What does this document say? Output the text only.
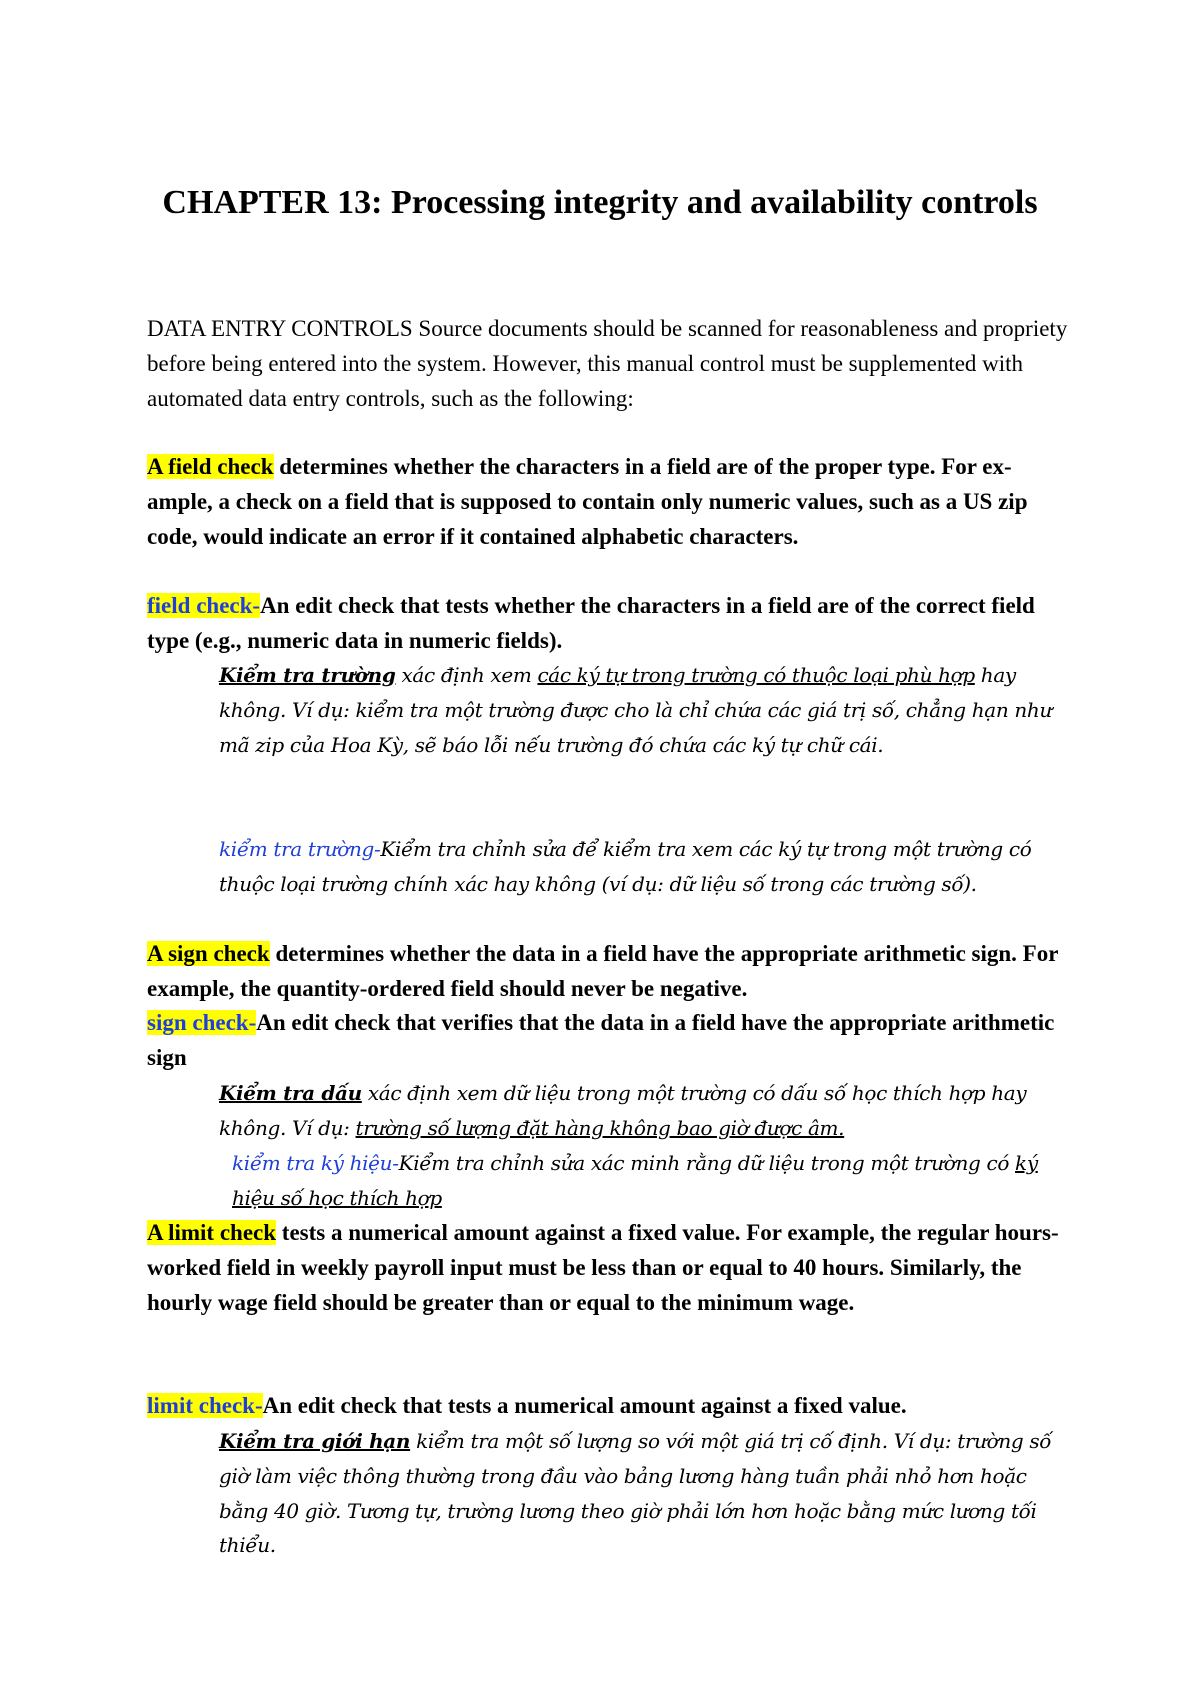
CHAPTER 13: Processing integrity and availability controls

DATA ENTRY CONTROLS Source documents should be scanned for reasonableness and propriety before being entered into the system. However, this manual control must be supplemented with automated data entry controls, such as the following:

A field check determines whether the characters in a field are of the proper type. For ex- ample, a check on a field that is supposed to contain only numeric values, such as a US zip code, would indicate an error if it contained alphabetic characters.

field check-An edit check that tests whether the characters in a field are of the correct field type (e.g., numeric data in numeric fields).

Kiểm tra trường xác định xem các ký tự trong trường có thuộc loại phù hợp hay không. Ví dụ: kiểm tra một trường được cho là chỉ chứa các giá trị số, chẳng hạn như mã zip của Hoa Kỳ, sẽ báo lỗi nếu trường đó chứa các ký tự chữ cái.

kiểm tra trường-Kiểm tra chỉnh sửa để kiểm tra xem các ký tự trong một trường có thuộc loại trường chính xác hay không (ví dụ: dữ liệu số trong các trường số).

A sign check determines whether the data in a field have the appropriate arithmetic sign. For example, the quantity-ordered field should never be negative.

sign check-An edit check that verifies that the data in a field have the appropriate arithmetic sign

Kiểm tra dấu xác định xem dữ liệu trong một trường có dấu số học thích hợp hay không. Ví dụ: trường số lượng đặt hàng không bao giờ được âm.

kiểm tra ký hiệu-Kiểm tra chỉnh sửa xác minh rằng dữ liệu trong một trường có ký hiệu số học thích hợp

A limit check tests a numerical amount against a fixed value. For example, the regular hours-worked field in weekly payroll input must be less than or equal to 40 hours. Similarly, the hourly wage field should be greater than or equal to the minimum wage.

limit check-An edit check that tests a numerical amount against a fixed value.

Kiểm tra giới hạn kiểm tra một số lượng so với một giá trị cố định. Ví dụ: trường số giờ làm việc thông thường trong đầu vào bảng lương hàng tuần phải nhỏ hơn hoặc bằng 40 giờ. Tương tự, trường lương theo giờ phải lớn hơn hoặc bằng mức lương tối thiểu.
